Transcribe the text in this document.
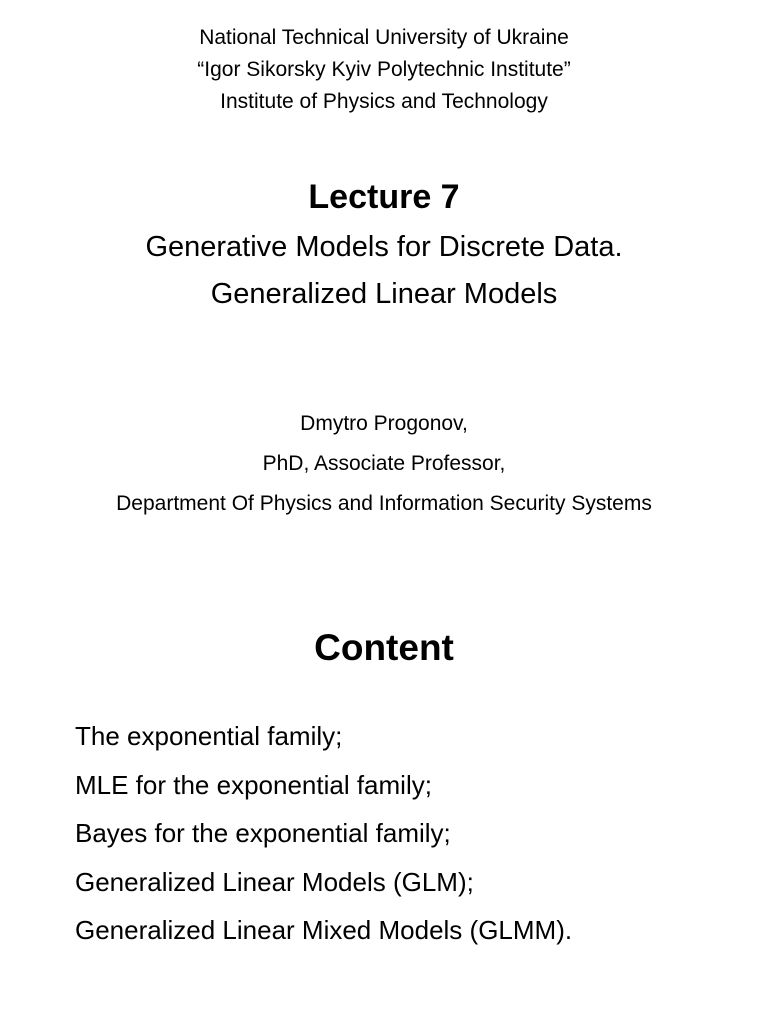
National Technical University of Ukraine
“Igor Sikorsky Kyiv Polytechnic Institute”
Institute of Physics and Technology
Lecture 7
Generative Models for Discrete Data.
Generalized Linear Models
Dmytro Progonov,
PhD, Associate Professor,
Department Of Physics and Information Security Systems
Content
The exponential family;
MLE for the exponential family;
Bayes for the exponential family;
Generalized Linear Models (GLM);
Generalized Linear Mixed Models (GLMM).
